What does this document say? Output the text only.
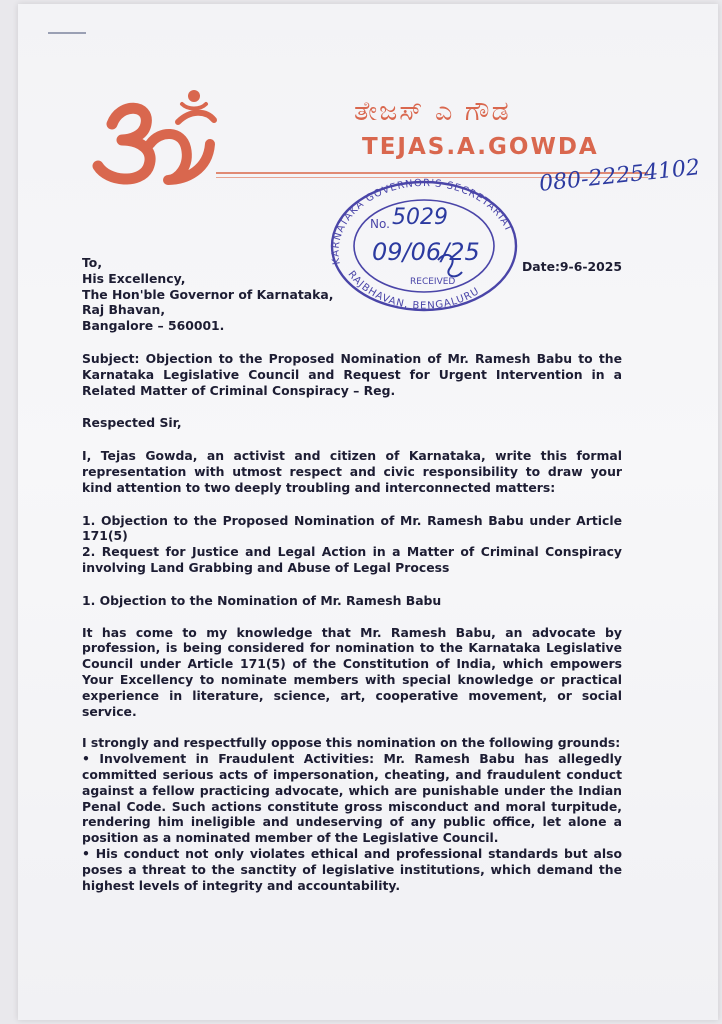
ತೇಜಸ್ ಎ ಗೌಡ
TEJAS.A.GOWDA
080-22254102
KARNATAKA GOVERNOR'S SECRETARIAT
RAJBHAVAN, BENGALURU
No. 5029
09/06/25
RECEIVED
Date:9-6-2025

To,

His Excellency,

The Hon'ble Governor of Karnataka,

Raj Bhavan,

Bangalore – 560001.

Subject: Objection to the Proposed Nomination of Mr. Ramesh Babu to the Karnataka Legislative Council and Request for Urgent Intervention in a Related Matter of Criminal Conspiracy – Reg.

Respected Sir,

I, Tejas Gowda, an activist and citizen of Karnataka, write this formal representation with utmost respect and civic responsibility to draw your kind attention to two deeply troubling and interconnected matters:

1. Objection to the Proposed Nomination of Mr. Ramesh Babu under Article 171(5)

2. Request for Justice and Legal Action in a Matter of Criminal Conspiracy involving Land Grabbing and Abuse of Legal Process

1. Objection to the Nomination of Mr. Ramesh Babu

It has come to my knowledge that Mr. Ramesh Babu, an advocate by profession, is being considered for nomination to the Karnataka Legislative Council under Article 171(5) of the Constitution of India, which empowers Your Excellency to nominate members with special knowledge or practical experience in literature, science, art, cooperative movement, or social service.

I strongly and respectfully oppose this nomination on the following grounds:

• Involvement in Fraudulent Activities: Mr. Ramesh Babu has allegedly committed serious acts of impersonation, cheating, and fraudulent conduct against a fellow practicing advocate, which are punishable under the Indian Penal Code. Such actions constitute gross misconduct and moral turpitude, rendering him ineligible and undeserving of any public office, let alone a position as a nominated member of the Legislative Council.

• His conduct not only violates ethical and professional standards but also poses a threat to the sanctity of legislative institutions, which demand the highest levels of integrity and accountability.
